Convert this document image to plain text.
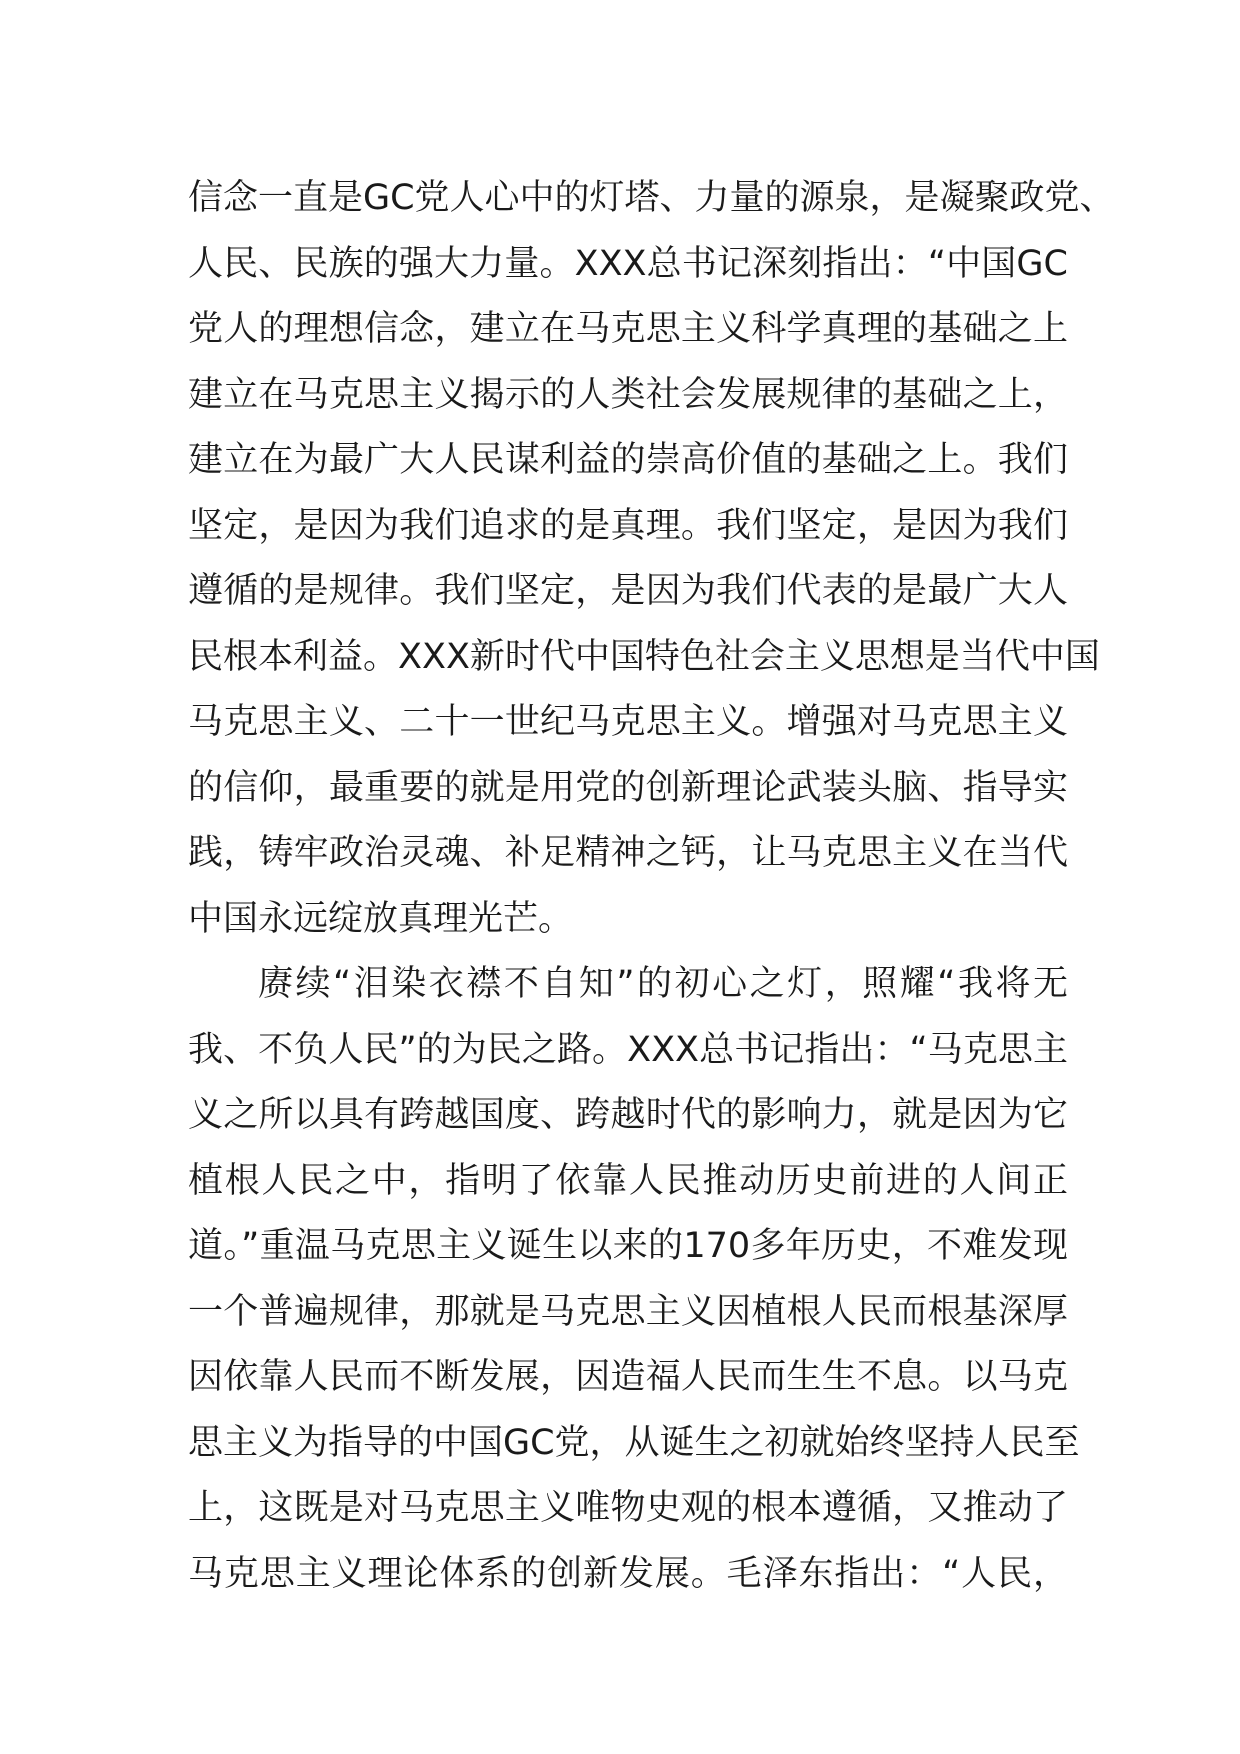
信念一直是GC党人心中的灯塔、力量的源泉，是凝聚政党、
人民、民族的强大力量。XXX总书记深刻指出：“中国GC
党人的理想信念，建立在马克思主义科学真理的基础之上
建立在马克思主义揭示的人类社会发展规律的基础之上，
建立在为最广大人民谋利益的崇高价值的基础之上。我们
坚定，是因为我们追求的是真理。我们坚定，是因为我们
遵循的是规律。我们坚定，是因为我们代表的是最广大人
民根本利益。XXX新时代中国特色社会主义思想是当代中国
马克思主义、二十一世纪马克思主义。增强对马克思主义
的信仰，最重要的就是用党的创新理论武装头脑、指导实
践，铸牢政治灵魂、补足精神之钙，让马克思主义在当代
中国永远绽放真理光芒。
赓续“泪染衣襟不自知”的初心之灯，照耀“我将无
我、不负人民”的为民之路。XXX总书记指出：“马克思主
义之所以具有跨越国度、跨越时代的影响力，就是因为它
植根人民之中，指明了依靠人民推动历史前进的人间正
道。”重温马克思主义诞生以来的170多年历史，不难发现
一个普遍规律，那就是马克思主义因植根人民而根基深厚
因依靠人民而不断发展，因造福人民而生生不息。以马克
思主义为指导的中国GC党，从诞生之初就始终坚持人民至
上，这既是对马克思主义唯物史观的根本遵循，又推动了
马克思主义理论体系的创新发展。毛泽东指出：“人民，
